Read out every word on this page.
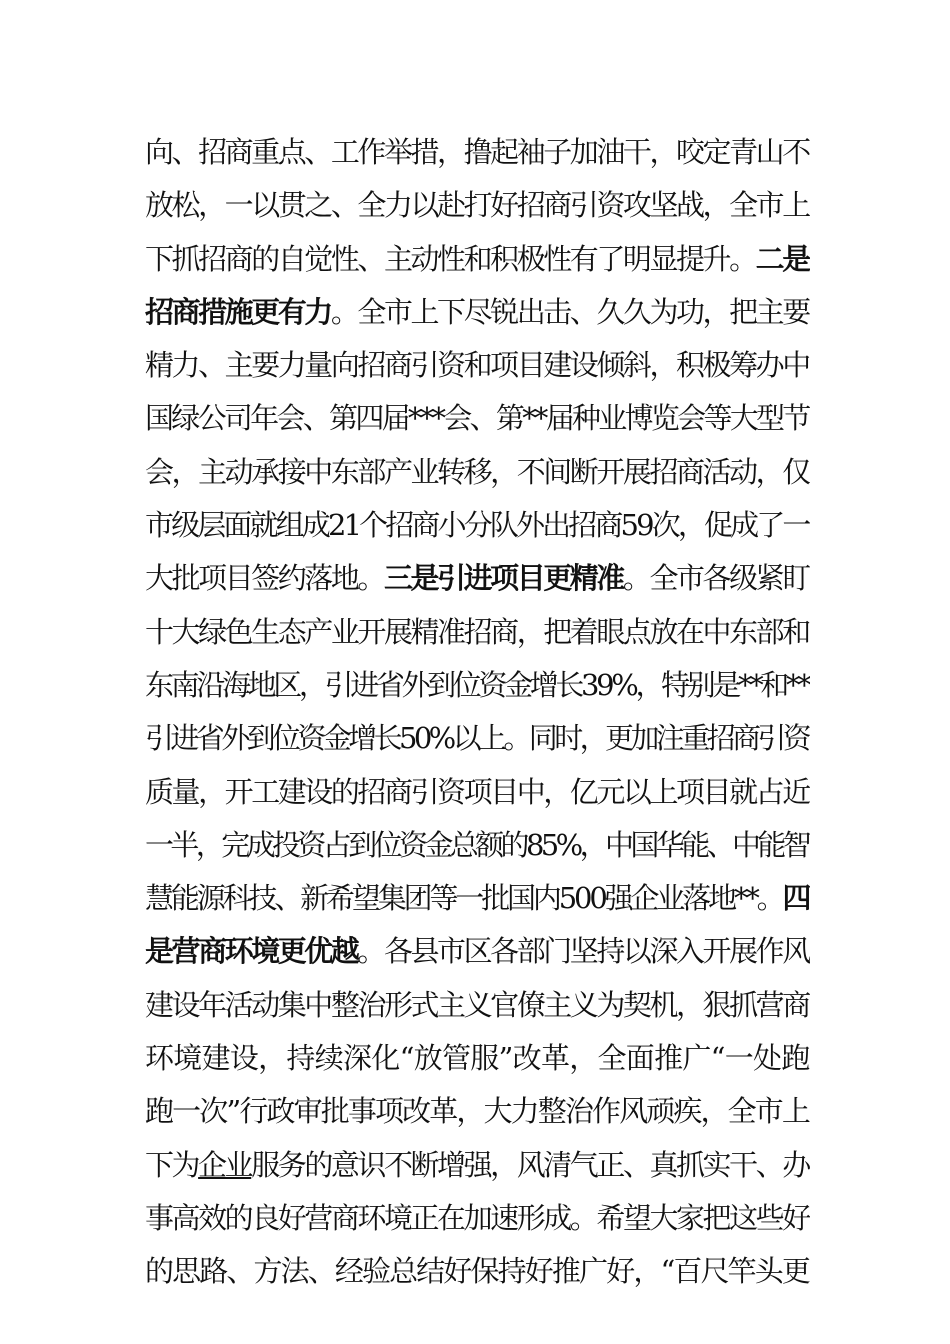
向、招商重点、工作举措，撸起袖子加油干，咬定青山不
放松，一以贯之、全力以赴打好招商引资攻坚战，全市上
下抓招商的自觉性、主动性和积极性有了明显提升。二是
招商措施更有力。全市上下尽锐出击、久久为功，把主要
精力、主要力量向招商引资和项目建设倾斜，积极筹办中
国绿公司年会、第四届***会、第**届种业博览会等大型节
会，主动承接中东部产业转移，不间断开展招商活动，仅
市级层面就组成21个招商小分队外出招商59次，促成了一
大批项目签约落地。三是引进项目更精准。全市各级紧盯
十大绿色生态产业开展精准招商，把着眼点放在中东部和
东南沿海地区，引进省外到位资金增长39%，特别是**和**
引进省外到位资金增长50%以上。同时，更加注重招商引资
质量，开工建设的招商引资项目中，亿元以上项目就占近
一半，完成投资占到位资金总额的85%，中国华能、中能智
慧能源科技、新希望集团等一批国内500强企业落地**。四
是营商环境更优越。各县市区各部门坚持以深入开展作风
建设年活动集中整治形式主义官僚主义为契机，狠抓营商
环境建设，持续深化“放管服”改革，全面推广“一处跑
跑一次”行政审批事项改革，大力整治作风顽疾，全市上
下为企业服务的意识不断增强，风清气正、真抓实干、办
事高效的良好营商环境正在加速形成。希望大家把这些好
的思路、方法、经验总结好保持好推广好，“百尺竿头更
